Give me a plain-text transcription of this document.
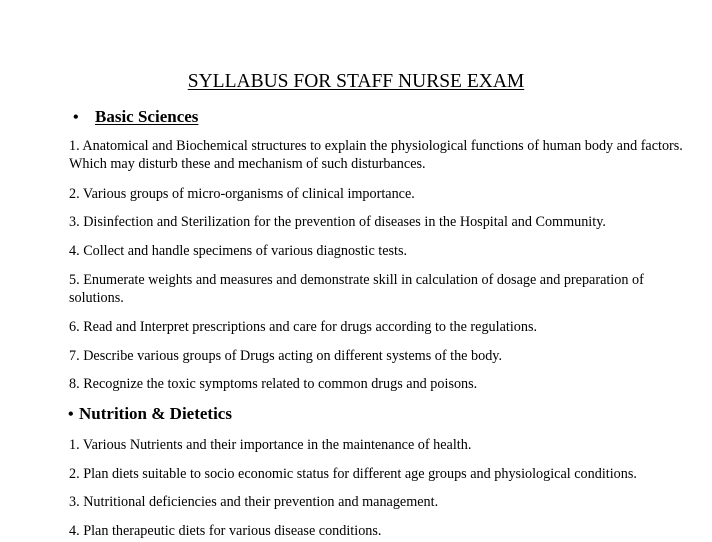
SYLLABUS FOR STAFF NURSE EXAM
• Basic Sciences

1. Anatomical and Biochemical structures to explain the physiological functions of human body and factors. Which may disturb these and mechanism of such disturbances.

2. Various groups of micro-organisms of clinical importance.

3. Disinfection and Sterilization for the prevention of diseases in the Hospital and Community.

4. Collect and handle specimens of various diagnostic tests.

5. Enumerate weights and measures and demonstrate skill in calculation of dosage and preparation of solutions.

6. Read and Interpret prescriptions and care for drugs according to the regulations.

7. Describe various groups of Drugs acting on different systems of the body.

8. Recognize the toxic symptoms related to common drugs and poisons.

• Nutrition & Dietetics

1. Various Nutrients and their importance in the maintenance of health.

2. Plan diets suitable to socio economic status for different age groups and physiological conditions.

3. Nutritional deficiencies and their prevention and management.

4. Plan therapeutic diets for various disease conditions.
